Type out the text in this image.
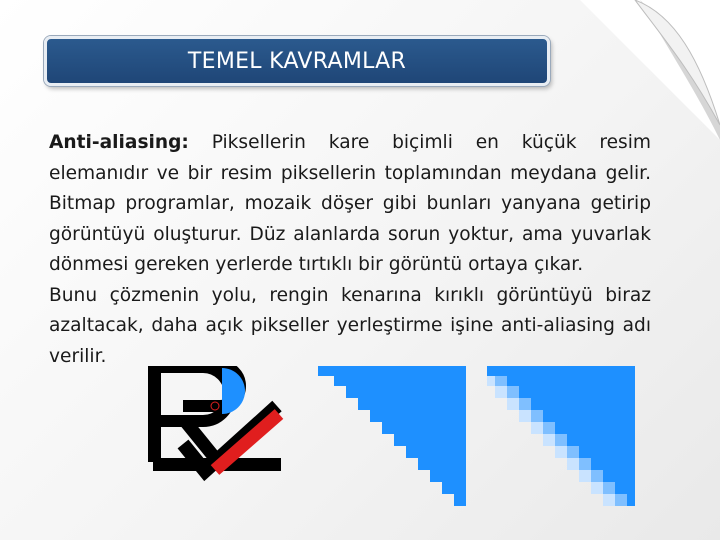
TEMEL KAVRAMLAR

Anti-aliasing: Piksellerin kare biçimli en küçük resim elemanıdır ve bir resim piksellerin toplamından meydana gelir. Bitmap programlar, mozaik döşer gibi bunları yanyana getirip görüntüyü oluşturur. Düz alanlarda sorun yoktur, ama yuvarlak dönmesi gereken yerlerde tırtıklı bir görüntü ortaya çıkar.

Bunu çözmenin yolu, rengin kenarına kırıklı görüntüyü biraz azaltacak, daha açık pikseller yerleştirme işine anti-aliasing adı verilir.
